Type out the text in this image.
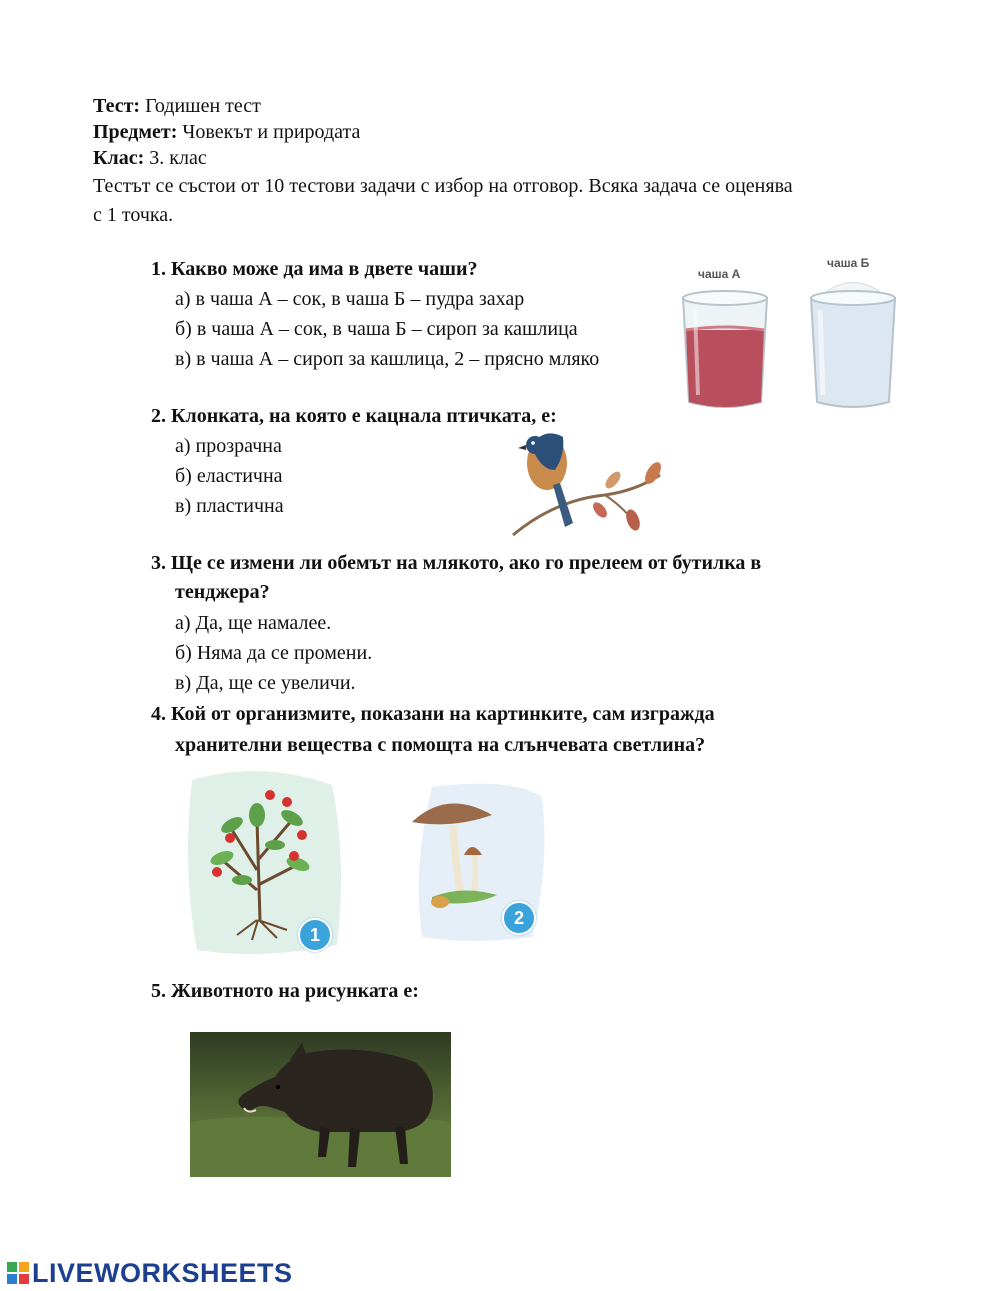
Тест: Годишен тест
Предмет: Човекът и природата
Клас: 3. клас
Тестът се състои от 10 тестови задачи с избор на отговор. Всяка задача се оценява
с 1 точка.
1. Какво може да има в двете чаши?
а) в чаша А – сок, в чаша Б – пудра захар
б) в чаша А – сок, в чаша Б – сироп за кашлица
в) в чаша А – сироп за кашлица, 2 – прясно мляко
чаша А
чаша Б
2. Клонката, на която е кацнала птичката, е:
а) прозрачна
б) еластична
в) пластична
3. Ще се измени ли обемът на млякото, ако го прелеем от бутилка в
тенджера?
а) Да, ще намалее.
б) Няма да се промени.
в) Да, ще се увеличи.
4. Кой от организмите, показани на картинките, сам изгражда
хранителни вещества с помощта на слънчевата светлина?
1
2
5. Животното на рисунката е:
LIVEWORKSHEETS
